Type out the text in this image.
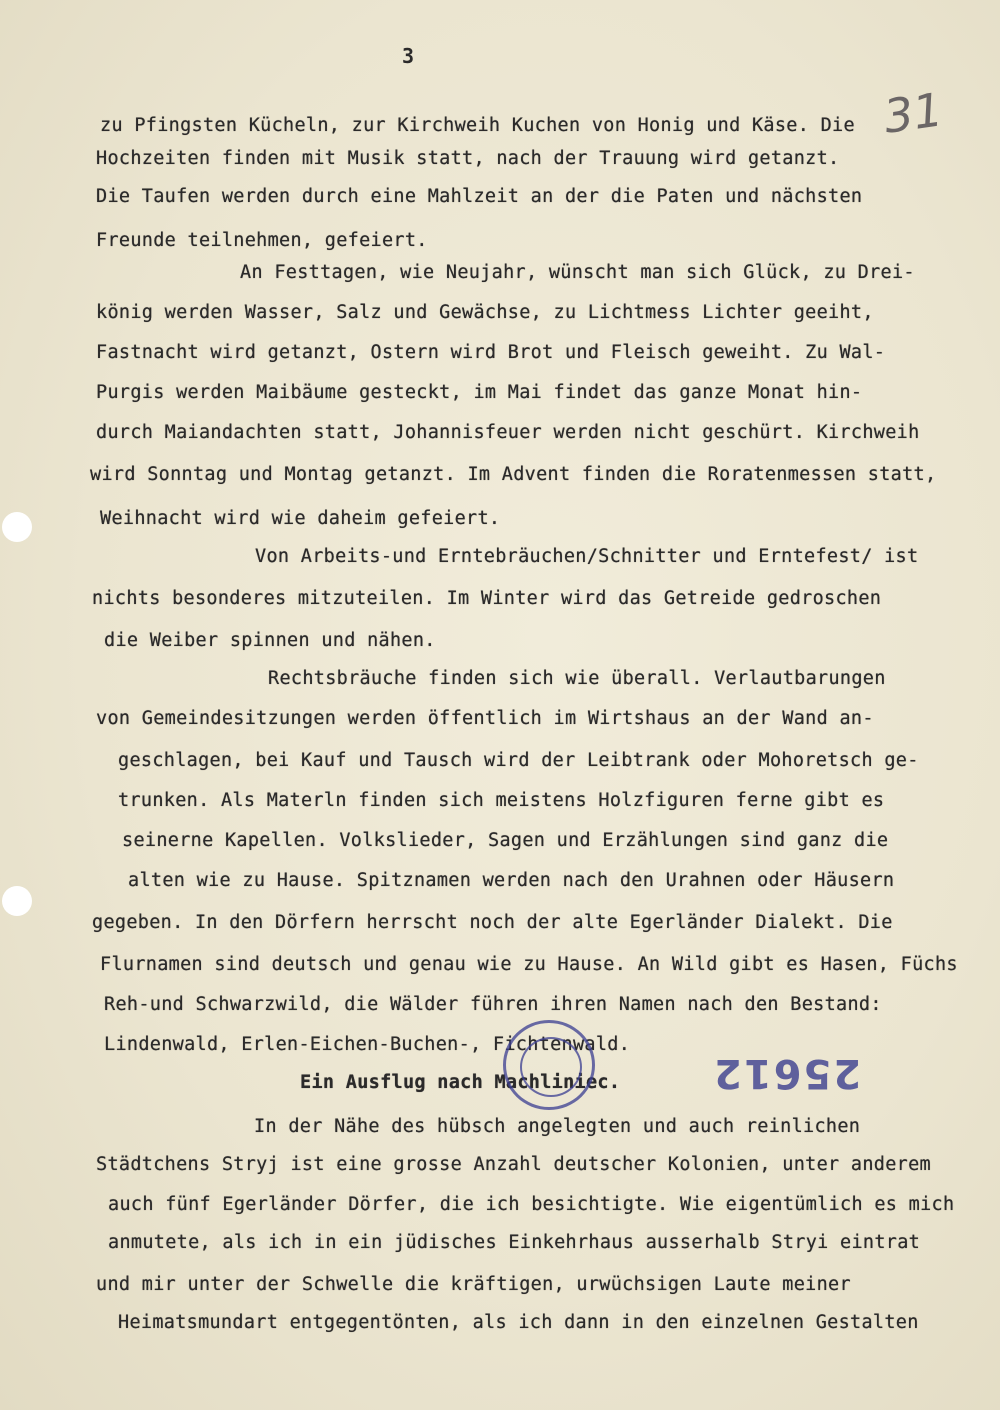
3
31
zu Pfingsten Kücheln, zur Kirchweih Kuchen von Honig und Käse. Die
Hochzeiten finden mit Musik statt, nach der Trauung wird getanzt.
Die Taufen werden durch eine Mahlzeit an der die Paten und nächsten
Freunde teilnehmen, gefeiert.
An Festtagen, wie Neujahr, wünscht man sich Glück, zu Drei-
könig werden Wasser, Salz und Gewächse, zu Lichtmess Lichter geeiht,
Fastnacht wird getanzt, Ostern wird Brot und Fleisch geweiht. Zu Wal-
Purgis werden Maibäume gesteckt, im Mai findet das ganze Monat hin-
durch Maiandachten statt, Johannisfeuer werden nicht geschürt. Kirchweih
wird Sonntag und Montag getanzt. Im Advent finden die Roratenmessen statt,
Weihnacht wird wie daheim gefeiert.
Von Arbeits-und Erntebräuchen/Schnitter und Erntefest/ ist
nichts besonderes mitzuteilen. Im Winter wird das Getreide gedroschen
die Weiber spinnen und nähen.
Rechtsbräuche finden sich wie überall. Verlautbarungen
von Gemeindesitzungen werden öffentlich im Wirtshaus an der Wand an-
geschlagen, bei Kauf und Tausch wird der Leibtrank oder Mohoretsch ge-
trunken. Als Materln finden sich meistens Holzfiguren ferne gibt es
seinerne Kapellen. Volkslieder, Sagen und Erzählungen sind ganz die
alten wie zu Hause. Spitznamen werden nach den Urahnen oder Häusern
gegeben. In den Dörfern herrscht noch der alte Egerländer Dialekt. Die
Flurnamen sind deutsch und genau wie zu Hause. An Wild gibt es Hasen, Füchs
Reh-und Schwarzwild, die Wälder führen ihren Namen nach den Bestand:
Lindenwald, Erlen-Eichen-Buchen-, Fichtenwald.
Ein Ausflug nach Machliniec.
In der Nähe des hübsch angelegten und auch reinlichen
Städtchens Stryj ist eine grosse Anzahl deutscher Kolonien, unter anderem
auch fünf Egerländer Dörfer, die ich besichtigte. Wie eigentümlich es mich
anmutete, als ich in ein jüdisches Einkehrhaus ausserhalb Stryi eintrat
und mir unter der Schwelle die kräftigen, urwüchsigen Laute meiner
Heimatsmundart entgegentönten, als ich dann in den einzelnen Gestalten
25612
